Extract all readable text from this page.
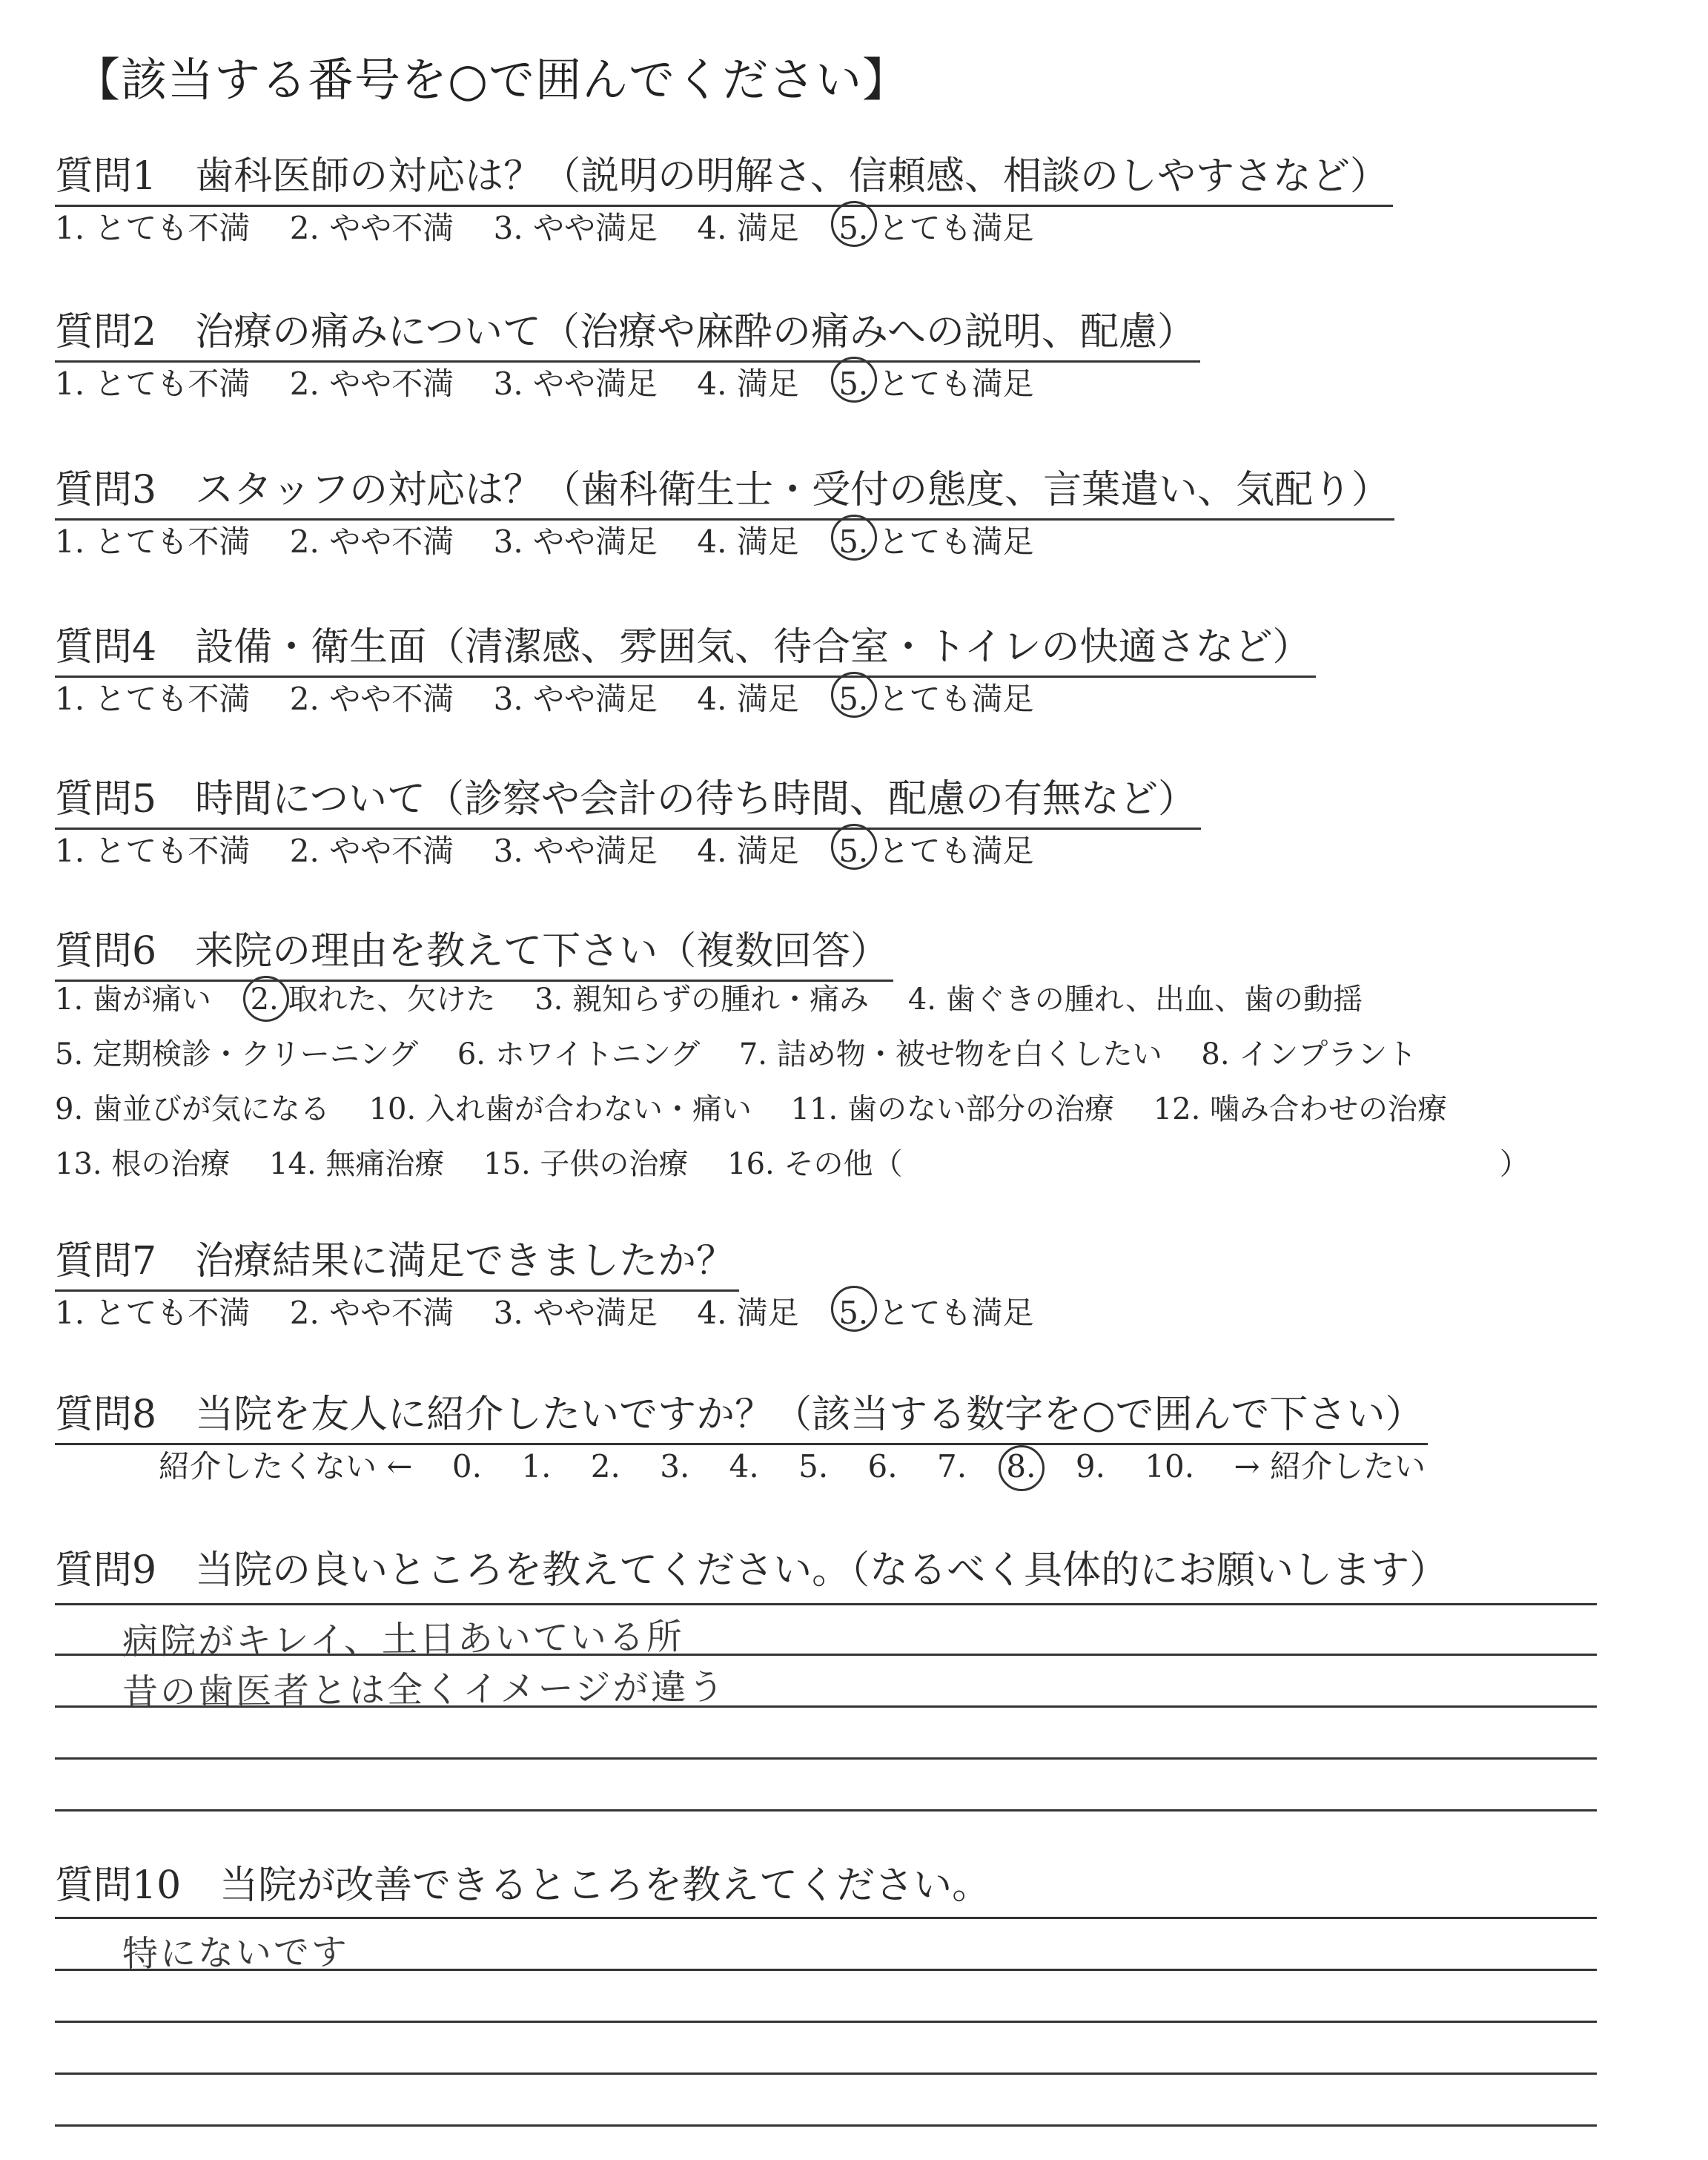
【該当する番号を○で囲んでください】
質問1　歯科医師の対応は？（説明の明解さ、信頼感、相談のしやすさなど）
1. とても不満 2. やや不満 3. やや満足 4. 満足 5. とても満足
質問2　治療の痛みについて（治療や麻酔の痛みへの説明、配慮）
1. とても不満 2. やや不満 3. やや満足 4. 満足 5. とても満足
質問3　スタッフの対応は？（歯科衛生士・受付の態度、言葉遣い、気配り）
1. とても不満 2. やや不満 3. やや満足 4. 満足 5. とても満足
質問4　設備・衛生面（清潔感、雰囲気、待合室・トイレの快適さなど）
1. とても不満 2. やや不満 3. やや満足 4. 満足 5. とても満足
質問5　時間について（診察や会計の待ち時間、配慮の有無など）
1. とても不満 2. やや不満 3. やや満足 4. 満足 5. とても満足
質問6　来院の理由を教えて下さい（複数回答）
1. 歯が痛い 2. 取れた、欠けた 3. 親知らずの腫れ・痛み 4. 歯ぐきの腫れ、出血、歯の動揺
5. 定期検診・クリーニング 6. ホワイトニング 7. 詰め物・被せ物を白くしたい 8. インプラント
9. 歯並びが気になる 10. 入れ歯が合わない・痛い 11. 歯のない部分の治療 12. 噛み合わせの治療
13. 根の治療 14. 無痛治療 15. 子供の治療 16. その他（	）
質問7　治療結果に満足できましたか？
1. とても不満 2. やや不満 3. やや満足 4. 満足 5. とても満足
質問8　当院を友人に紹介したいですか？（該当する数字を○で囲んで下さい）
紹介したくない ← 0. 1. 2. 3. 4. 5. 6. 7. 8. 9. 10. → 紹介したい
質問9　当院の良いところを教えてください。（なるべく具体的にお願いします）
病院がキレイ、土日あいている所
昔の歯医者とは全くイメージが違う
質問10　当院が改善できるところを教えてください。
特にないです
